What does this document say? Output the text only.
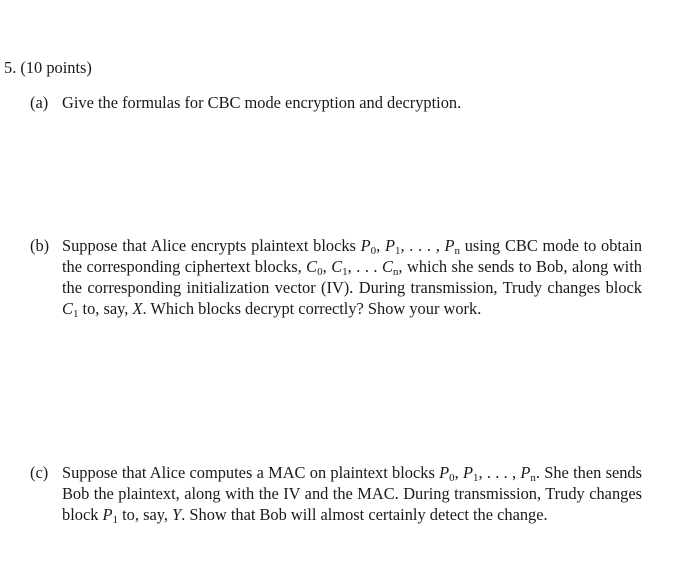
5. (10 points)
(a) Give the formulas for CBC mode encryption and decryption.
(b) Suppose that Alice encrypts plaintext blocks $P_0$, $P_1$, . . . , $P_n$ using CBC mode to obtain the corresponding ciphertext blocks, $C_0$, $C_1$, . . . $C_n$, which she sends to Bob, along with the corresponding initialization vector (IV). During transmission, Trudy changes block $C_1$ to, say, X. Which blocks decrypt correctly? Show your work.
(c) Suppose that Alice computes a MAC on plaintext blocks $P_0$, $P_1$, . . . , $P_n$. She then sends Bob the plaintext, along with the IV and the MAC. During transmission, Trudy changes block $P_1$ to, say, Y. Show that Bob will almost certainly detect the change.
